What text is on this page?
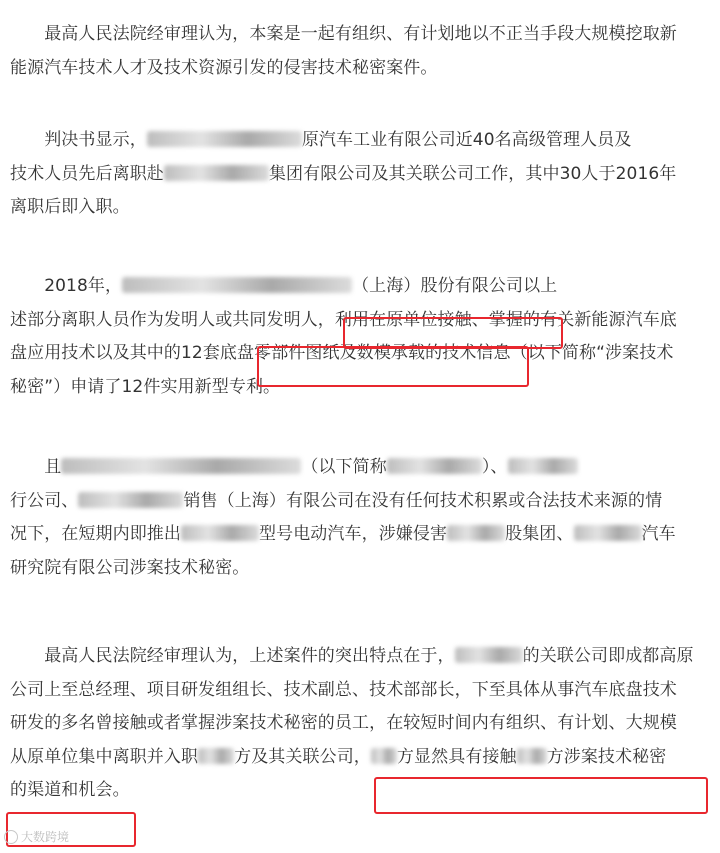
　　最高人民法院经审理认为，本案是一起有组织、有计划地以不正当手段大规模挖取新
能源汽车技术人才及技术资源引发的侵害技术秘密案件。

　　判决书显示，	原汽车工业有限公司近40名高级管理人员及
技术人员先后离职赴	集团有限公司及其关联公司工作，其中30人于2016年
离职后即入职。

　　2018年，	（上海）股份有限公司以上
述部分离职人员作为发明人或共同发明人，利用在原单位接触、掌握的有关新能源汽车底
盘应用技术以及其中的12套底盘零部件图纸及数模承载的技术信息（以下简称“涉案技术
秘密”）申请了12件实用新型专利。

　　且	（以下简称	）、
行公司、	销售（上海）有限公司在没有任何技术积累或合法技术来源的情
况下，在短期内即推出	型号电动汽车，涉嫌侵害	股集团、	汽车
研究院有限公司涉案技术秘密。

　　最高人民法院经审理认为，上述案件的突出特点在于，	的关联公司即成都高原
公司上至总经理、项目研发组组长、技术副总、技术部部长，下至具体从事汽车底盘技术
研发的多名曾接触或者掌握涉案技术秘密的员工，在较短时间内有组织、有计划、大规模
从原单位集中离职并入职 方及其关联公司， 方显然具有接触 方涉案技术秘密
的渠道和机会。

大数跨境
